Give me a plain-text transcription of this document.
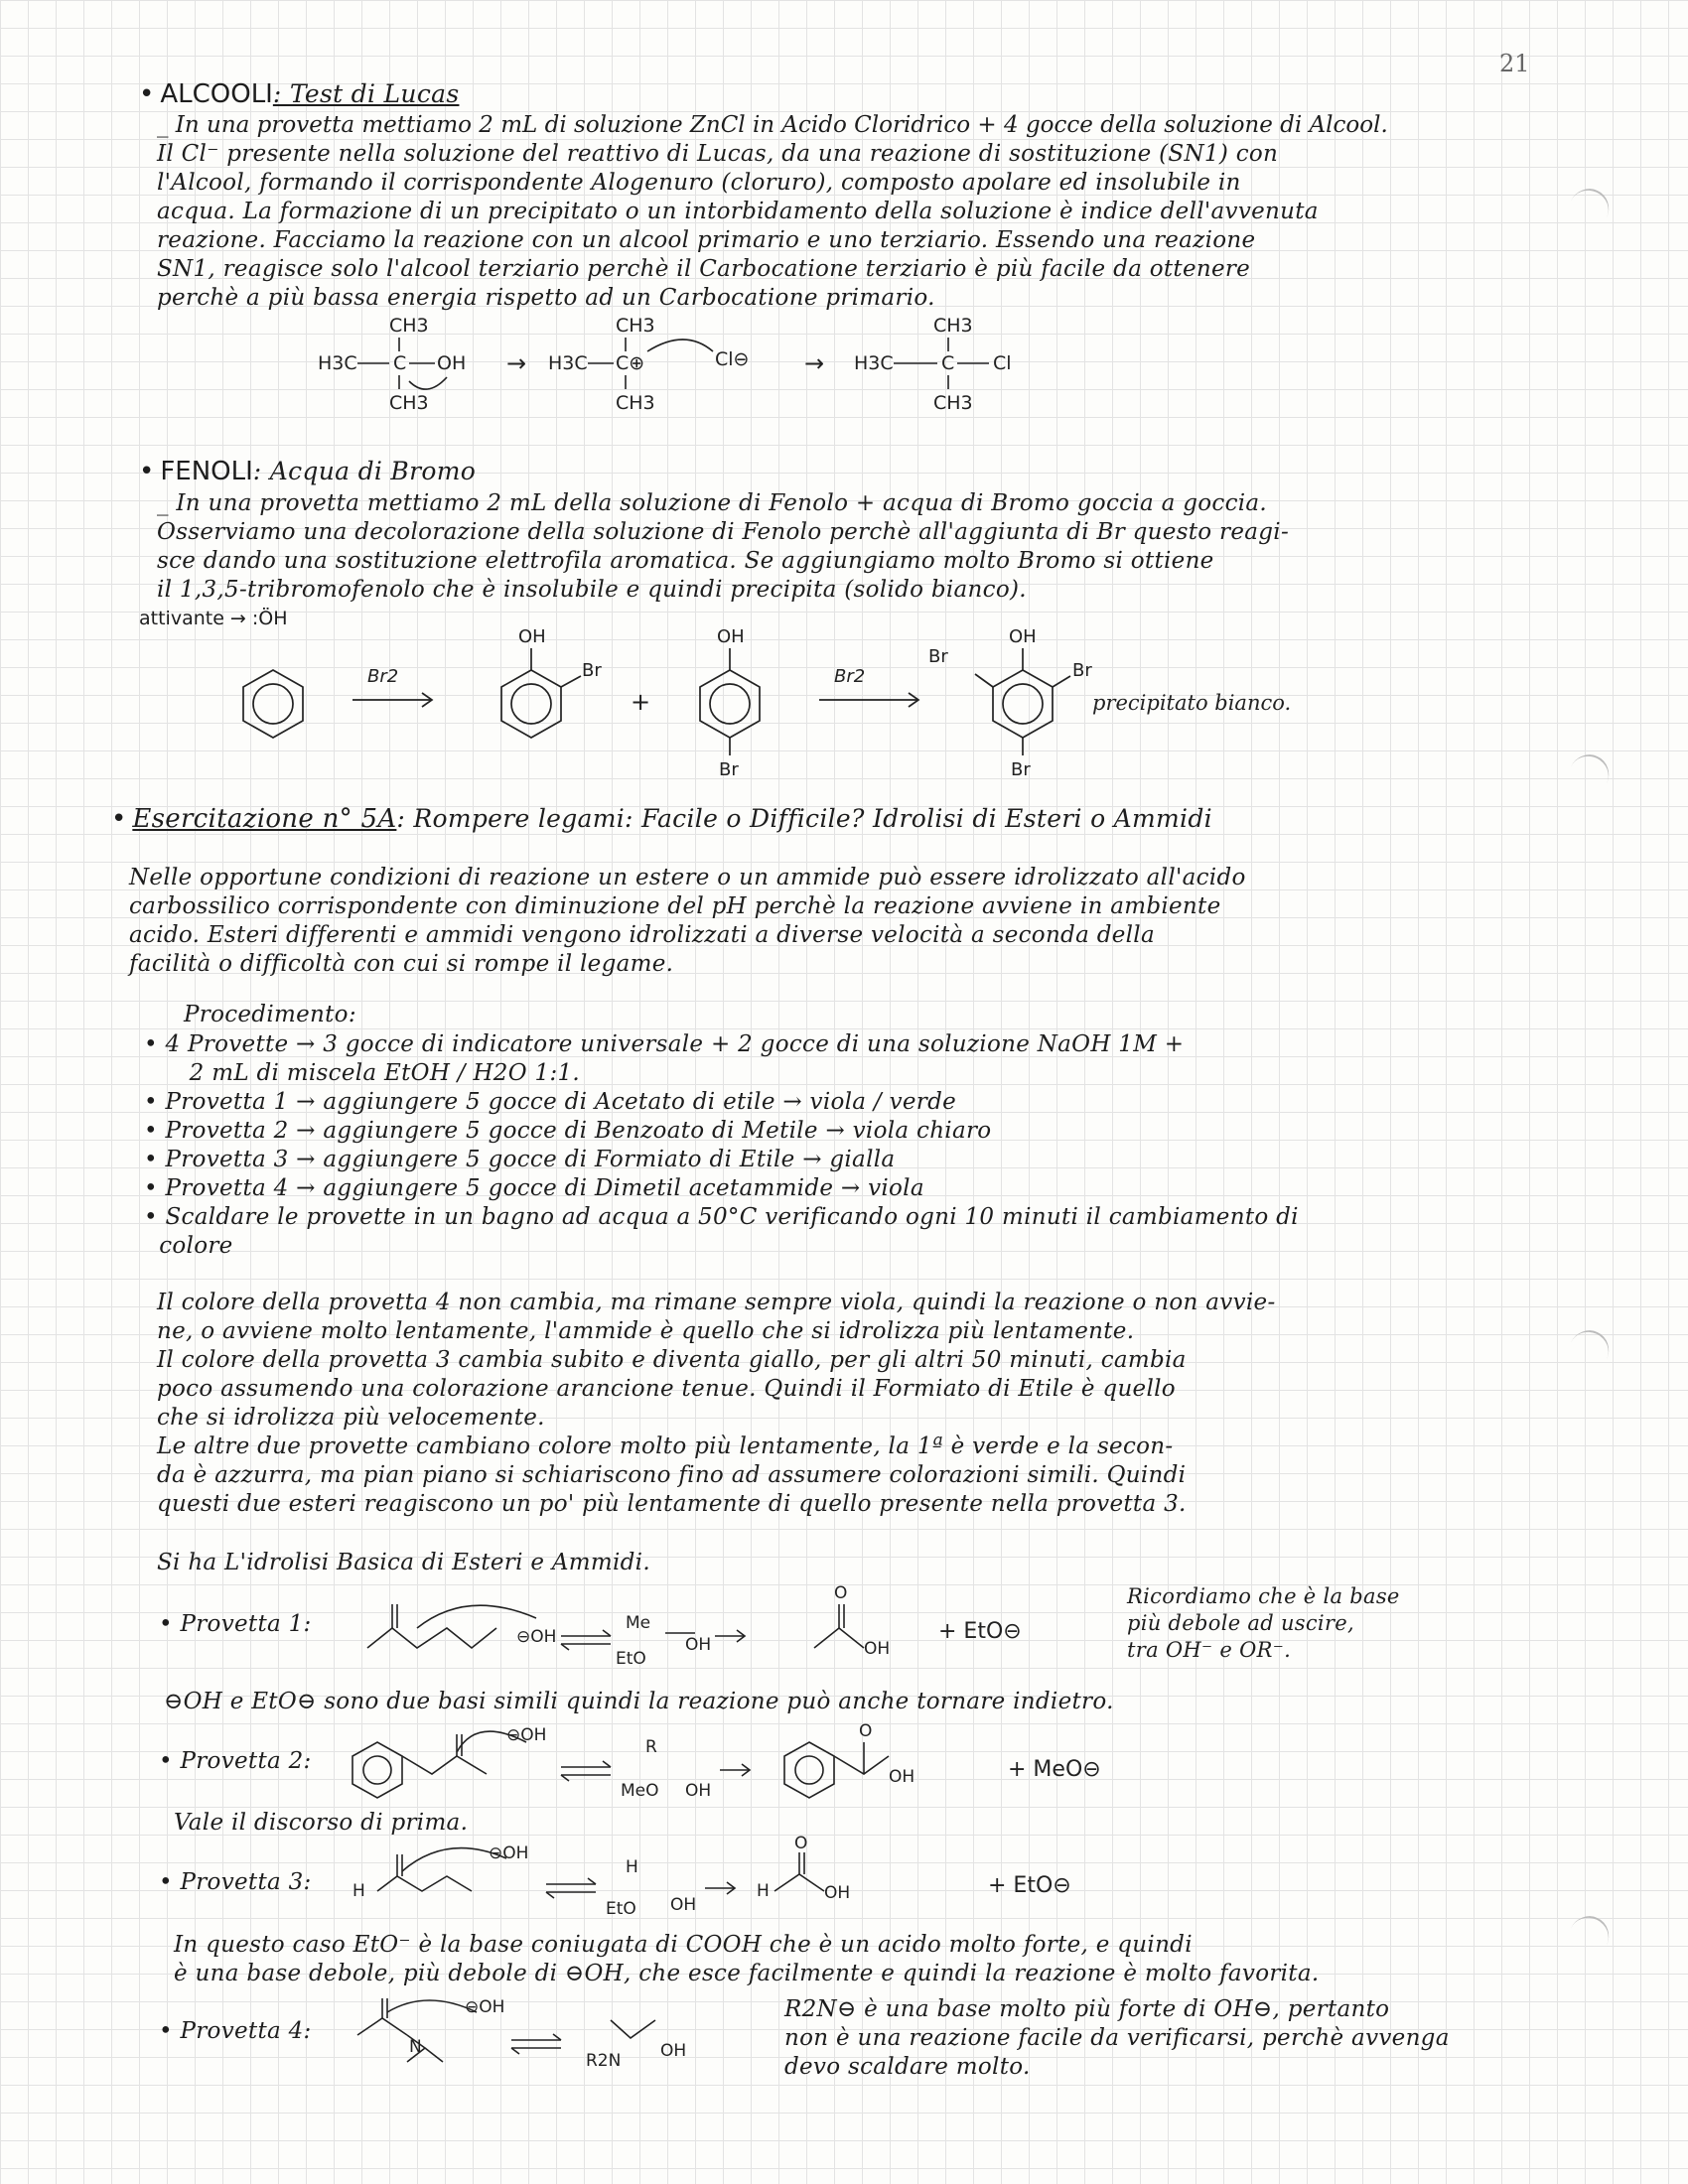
21
• ALCOOLI: Test di Lucas
_ In una provetta mettiamo 2 mL di soluzione ZnCl in Acido Cloridrico + 4 gocce della soluzione di Alcool.
Il Cl⁻ presente nella soluzione del reattivo di Lucas, da una reazione di sostituzione (SN1) con
l'Alcool, formando il corrispondente Alogenuro (cloruro), composto apolare ed insolubile in
acqua. La formazione di un precipitato o un intorbidamento della soluzione è indice dell'avvenuta
reazione. Facciamo la reazione con un alcool primario e uno terziario. Essendo una reazione
SN1, reagisce solo l'alcool terziario perchè il Carbocatione terziario è più facile da ottenere
perchè a più bassa energia rispetto ad un Carbocatione primario.
CH3
H3C C OH
CH3
→
CH3
H3C C⊕
CH3
Cl⊖ →
CH3
H3C	C Cl
CH3
• FENOLI: Acqua di Bromo
_ In una provetta mettiamo 2 mL della soluzione di Fenolo + acqua di Bromo goccia a goccia.
Osserviamo una decolorazione della soluzione di Fenolo perchè all'aggiunta di Br questo reagi-
sce dando una sostituzione elettrofila aromatica. Se aggiungiamo molto Bromo si ottiene
il 1,3,5-tribromofenolo che è insolubile e quindi precipita (solido bianco).
attivante → :ÖH
Br2
OH
Br
+
OH
Br
Br2
OH
Br
Br
Br
precipitato bianco.
• Esercitazione n° 5A: Rompere legami: Facile o Difficile? Idrolisi di Esteri o Ammidi
Nelle opportune condizioni di reazione un estere o un ammide può essere idrolizzato all'acido
carbossilico corrispondente con diminuzione del pH perchè la reazione avviene in ambiente
acido. Esteri differenti e ammidi vengono idrolizzati a diverse velocità a seconda della
facilità o difficoltà con cui si rompe il legame.
Procedimento:
• 4 Provette → 3 gocce di indicatore universale + 2 gocce di una soluzione NaOH 1M +
2 mL di miscela EtOH / H2O 1:1.
• Provetta 1 → aggiungere 5 gocce di Acetato di etile → viola / verde
• Provetta 2 → aggiungere 5 gocce di Benzoato di Metile → viola chiaro
• Provetta 3 → aggiungere 5 gocce di Formiato di Etile → gialla
• Provetta 4 → aggiungere 5 gocce di Dimetil acetammide → viola
• Scaldare le provette in un bagno ad acqua a 50°C verificando ogni 10 minuti il cambiamento di
colore
Il colore della provetta 4 non cambia, ma rimane sempre viola, quindi la reazione o non avvie-
ne, o avviene molto lentamente, l'ammide è quello che si idrolizza più lentamente.
Il colore della provetta 3 cambia subito e diventa giallo, per gli altri 50 minuti, cambia
poco assumendo una colorazione arancione tenue. Quindi il Formiato di Etile è quello
che si idrolizza più velocemente.
Le altre due provette cambiano colore molto più lentamente, la 1ª è verde e la secon-
da è azzurra, ma pian piano si schiariscono fino ad assumere colorazioni simili. Quindi
questi due esteri reagiscono un po' più lentamente di quello presente nella provetta 3.
Si ha L'idrolisi Basica di Esteri e Ammidi.
• Provetta 1:	⊖OH
Me
EtO
OH	OH
O
+ EtO⊖
Ricordiamo che è la base
più debole ad uscire,
tra OH⁻ e OR⁻.
⊖OH e EtO⊖ sono due basi simili quindi la reazione può anche tornare indietro.
• Provetta 2:
⊖OH
R
MeO OH
OH
O
+ MeO⊖
Vale il discorso di prima.
• Provetta 3: H
⊖OH
H
EtO OH
H	OH
O
+ EtO⊖
In questo caso EtO⁻ è la base coniugata di COOH che è un acido molto forte, e quindi
è una base debole, più debole di ⊖OH, che esce facilmente e quindi la reazione è molto favorita.
• Provetta 4:
N
⊖OH
R2N OH
R2N⊖ è una base molto più forte di OH⊖, pertanto
non è una reazione facile da verificarsi, perchè avvenga
devo scaldare molto.
